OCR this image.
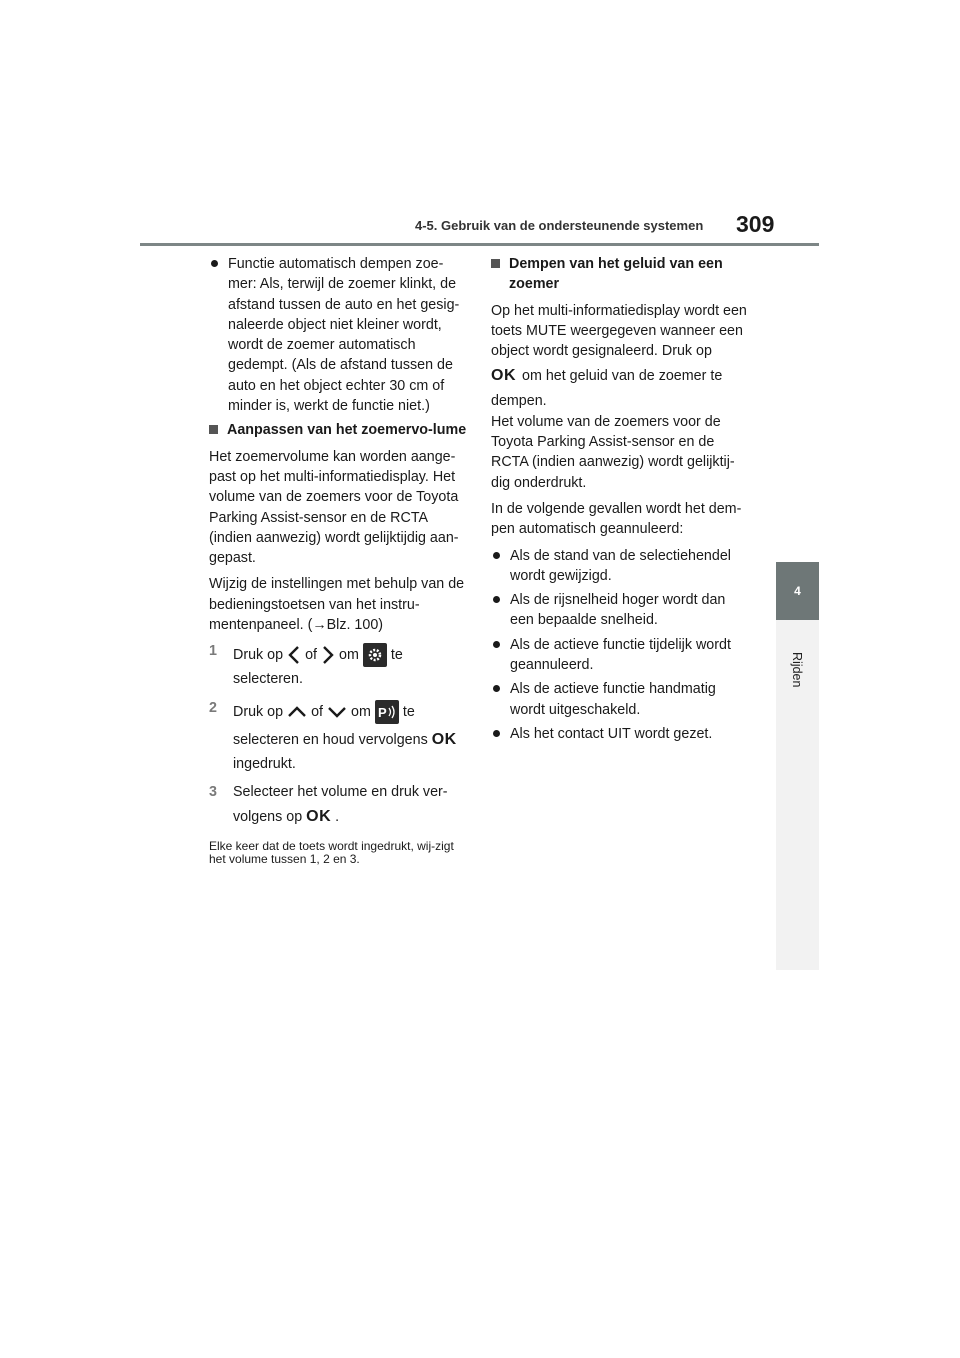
4-5. Gebruik van de ondersteunende systemen 309
4
Rijden
Functie automatisch dempen zoe-mer: Als, terwijl de zoemer klinkt, de afstand tussen de auto en het gesig-naleerde object niet kleiner wordt, wordt de zoemer automatisch gedempt. (Als de afstand tussen de auto en het object echter 30 cm of minder is, werkt de functie niet.)
Aanpassen van het zoemervo-lume

Het zoemervolume kan worden aange-past op het multi-informatiedisplay. Het volume van de zoemers voor de Toyota Parking Assist-sensor en de RCTA (indien aanwezig) wordt gelijktijdig aan-gepast.

Wijzig de instellingen met behulp van de bedieningstoetsen van het instru-mentenpaneel. (→Blz. 100)

1 Druk op of om te
selecteren.
2 Druk op of om P te
selecteren en houd vervolgens OK
ingedrukt.
3 Selecteer het volume en druk ver-
volgens op OK .
Elke keer dat de toets wordt ingedrukt, wij-zigt het volume tussen 1, 2 en 3.
Dempen van het geluid van een zoemer

Op het multi-informatiedisplay wordt een toets MUTE weergegeven wanneer een object wordt gesignaleerd. Druk op

OK om het geluid van de zoemer te
dempen.

Het volume van de zoemers voor de Toyota Parking Assist-sensor en de RCTA (indien aanwezig) wordt gelijktij-dig onderdrukt.

In de volgende gevallen wordt het dem-pen automatisch geannuleerd:

Als de stand van de selectiehendel wordt gewijzigd.
Als de rijsnelheid hoger wordt dan een bepaalde snelheid.
Als de actieve functie tijdelijk wordt geannuleerd.
Als de actieve functie handmatig wordt uitgeschakeld.
Als het contact UIT wordt gezet.
